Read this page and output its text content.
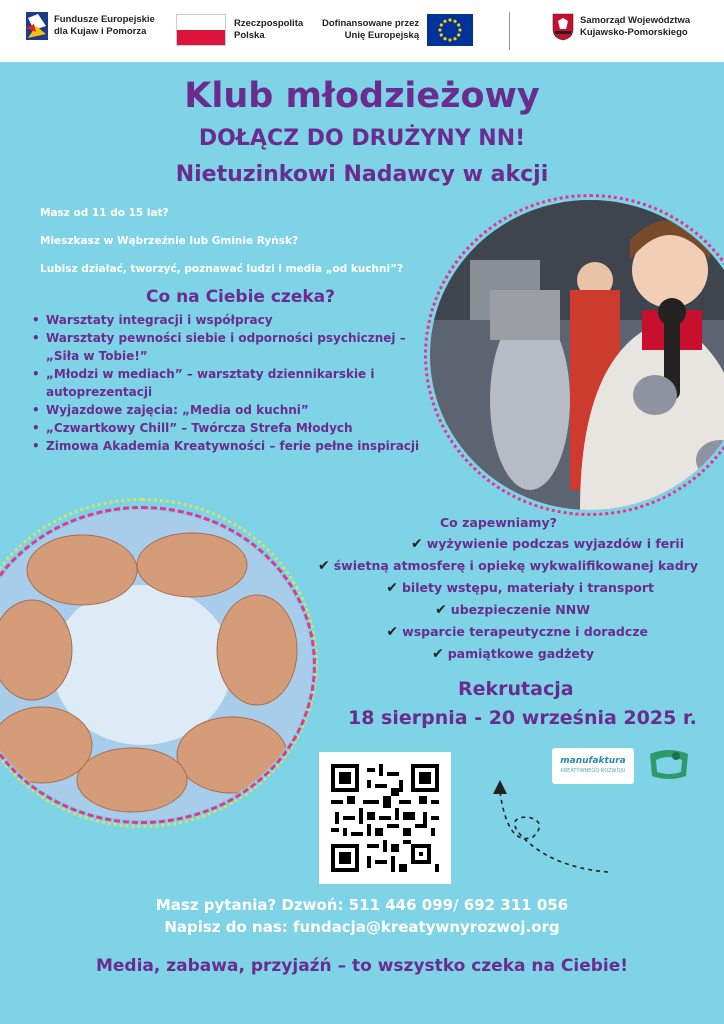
Fundusze Europejskie
dla Kujaw i Pomorza
Rzeczpospolita
Polska
Dofinansowane przez
Unię Europejską
Samorząd Województwa
Kujawsko-Pomorskiego
Klub młodzieżowy
DOŁĄCZ DO DRUŻYNY NN!
Nietuzinkowi Nadawcy w akcji
Masz od 11 do 15 lat?
Mieszkasz w Wąbrzeźnie lub Gminie Ryńsk?
Lubisz działać, tworzyć, poznawać ludzi i media „od kuchni”?
Co na Ciebie czeka?
• Warsztaty integracji i współpracy
• Warsztaty pewności siebie i odporności psychicznej – „Siła w Tobie!”
• „Młodzi w mediach” – warsztaty dziennikarskie i autoprezentacji
• Wyjazdowe zajęcia: „Media od kuchni”
• „Czwartkowy Chill” – Twórcza Strefa Młodych
• Zimowa Akademia Kreatywności – ferie pełne inspiracji
Co zapewniamy?
✔ wyżywienie podczas wyjazdów i ferii
✔ świetną atmosferę i opiekę wykwalifikowanej kadry
✔ bilety wstępu, materiały i transport
✔ ubezpieczenie NNW
✔ wsparcie terapeutyczne i doradcze
✔ pamiątkowe gadżety
Rekrutacja
18 sierpnia - 20 września 2025 r.
manufaktura
KREATYWNEGO ROZWOJU
Masz pytania? Dzwoń: 511 446 099/ 692 311 056
Napisz do nas: fundacja@kreatywnyrozwoj.org
Media, zabawa, przyjaźń – to wszystko czeka na Ciebie!
